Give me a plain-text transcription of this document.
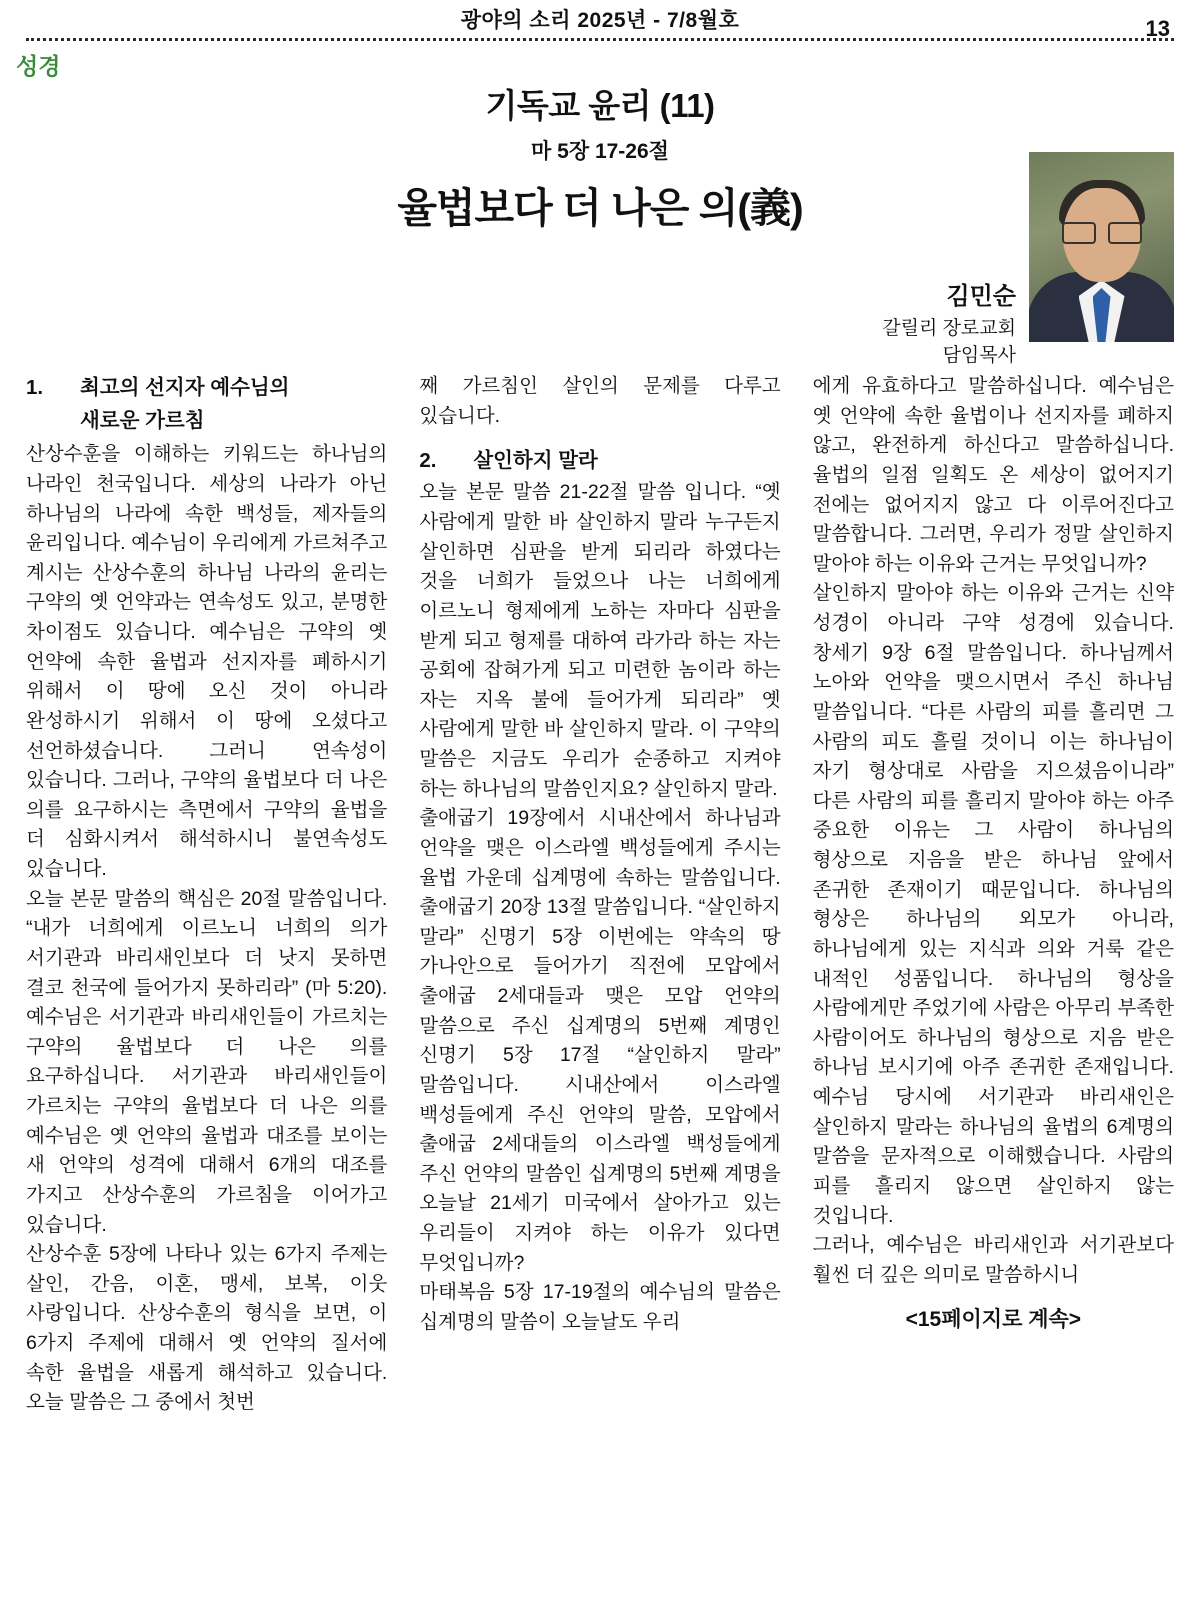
광야의 소리 2025년 - 7/8월호	13
성경
기독교 윤리 (11)
마 5장 17-26절
율법보다 더 나은 의(義)
김민순
갈릴리 장로교회
담임목사
1.	최고의 선지자 예수님의
새로운 가르침

산상수훈을 이해하는 키워드는 하나님의 나라인 천국입니다. 세상의 나라가 아닌 하나님의 나라에 속한 백성들, 제자들의 윤리입니다. 예수님이 우리에게 가르쳐주고 계시는 산상수훈의 하나님 나라의 윤리는 구약의 옛 언약과는 연속성도 있고, 분명한 차이점도 있습니다. 예수님은 구약의 옛 언약에 속한 율법과 선지자를 폐하시기 위해서 이 땅에 오신 것이 아니라 완성하시기 위해서 이 땅에 오셨다고 선언하셨습니다. 그러니 연속성이 있습니다. 그러나, 구약의 율법보다 더 나은 의를 요구하시는 측면에서 구약의 율법을 더 심화시켜서 해석하시니 불연속성도 있습니다.

오늘 본문 말씀의 핵심은 20절 말씀입니다. “내가 너희에게 이르노니 너희의 의가 서기관과 바리새인보다 더 낫지 못하면 결코 천국에 들어가지 못하리라” (마 5:20). 예수님은 서기관과 바리새인들이 가르치는 구약의 율법보다 더 나은 의를 요구하십니다. 서기관과 바리새인들이 가르치는 구약의 율법보다 더 나은 의를 예수님은 옛 언약의 율법과 대조를 보이는 새 언약의 성격에 대해서 6개의 대조를 가지고 산상수훈의 가르침을 이어가고 있습니다.

산상수훈 5장에 나타나 있는 6가지 주제는 살인, 간음, 이혼, 맹세, 보복, 이웃 사랑입니다. 산상수훈의 형식을 보면, 이 6가지 주제에 대해서 옛 언약의 질서에 속한 율법을 새롭게 해석하고 있습니다. 오늘 말씀은 그 중에서 첫번

째 가르침인 살인의 문제를 다루고 있습니다.

2.	살인하지 말라

오늘 본문 말씀 21-22절 말씀 입니다. “옛 사람에게 말한 바 살인하지 말라 누구든지 살인하면 심판을 받게 되리라 하였다는 것을 너희가 들었으나 나는 너희에게 이르노니 형제에게 노하는 자마다 심판을 받게 되고 형제를 대하여 라가라 하는 자는 공회에 잡혀가게 되고 미련한 놈이라 하는 자는 지옥 불에 들어가게 되리라” 옛 사람에게 말한 바 살인하지 말라. 이 구약의 말씀은 지금도 우리가 순종하고 지켜야 하는 하나님의 말씀인지요? 살인하지 말라.

출애굽기 19장에서 시내산에서 하나님과 언약을 맺은 이스라엘 백성들에게 주시는 율법 가운데 십계명에 속하는 말씀입니다. 출애굽기 20장 13절 말씀입니다. “살인하지 말라” 신명기 5장 이번에는 약속의 땅 가나안으로 들어가기 직전에 모압에서 출애굽 2세대들과 맺은 모압 언약의 말씀으로 주신 십계명의 5번째 계명인 신명기 5장 17절 “살인하지 말라” 말씀입니다. 시내산에서 이스라엘 백성들에게 주신 언약의 말씀, 모압에서 출애굽 2세대들의 이스라엘 백성들에게 주신 언약의 말씀인 십계명의 5번째 계명을 오늘날 21세기 미국에서 살아가고 있는 우리들이 지켜야 하는 이유가 있다면 무엇입니까?

마태복음 5장 17-19절의 예수님의 말씀은 십계명의 말씀이 오늘날도 우리

에게 유효하다고 말씀하십니다. 예수님은 옛 언약에 속한 율법이나 선지자를 폐하지 않고, 완전하게 하신다고 말씀하십니다. 율법의 일점 일획도 온 세상이 없어지기 전에는 없어지지 않고 다 이루어진다고 말씀합니다. 그러면, 우리가 정말 살인하지 말아야 하는 이유와 근거는 무엇입니까?

살인하지 말아야 하는 이유와 근거는 신약 성경이 아니라 구약 성경에 있습니다. 창세기 9장 6절 말씀입니다. 하나님께서 노아와 언약을 맺으시면서 주신 하나님 말씀입니다. “다른 사람의 피를 흘리면 그 사람의 피도 흘릴 것이니 이는 하나님이 자기 형상대로 사람을 지으셨음이니라” 다른 사람의 피를 흘리지 말아야 하는 아주 중요한 이유는 그 사람이 하나님의 형상으로 지음을 받은 하나님 앞에서 존귀한 존재이기 때문입니다. 하나님의 형상은 하나님의 외모가 아니라, 하나님에게 있는 지식과 의와 거룩 같은 내적인 성품입니다. 하나님의 형상을 사람에게만 주었기에 사람은 아무리 부족한 사람이어도 하나님의 형상으로 지음 받은 하나님 보시기에 아주 존귀한 존재입니다. 예수님 당시에 서기관과 바리새인은 살인하지 말라는 하나님의 율법의 6계명의 말씀을 문자적으로 이해했습니다. 사람의 피를 흘리지 않으면 살인하지 않는 것입니다.

그러나, 예수님은 바리새인과 서기관보다 훨씬 더 깊은 의미로 말씀하시니

<15페이지로 계속>
